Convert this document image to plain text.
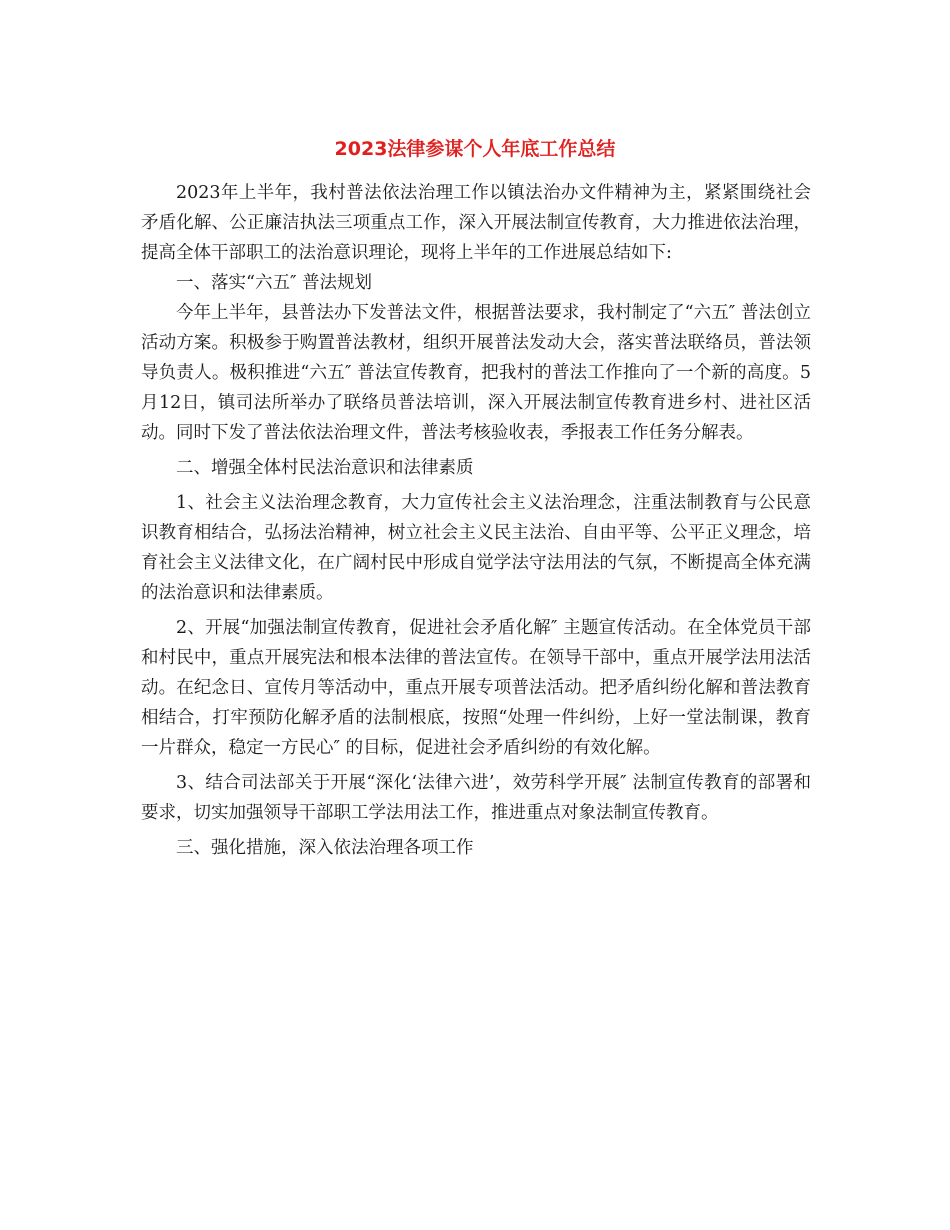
2023法律参谋个人年底工作总结

2023年上半年，我村普法依法治理工作以镇法治办文件精神为主，紧紧围绕社会矛盾化解、公正廉洁执法三项重点工作，深入开展法制宣传教育，大力推进依法治理，提高全体干部职工的法治意识理论，现将上半年的工作进展总结如下:

一、落实“六五″ 普法规划

今年上半年，县普法办下发普法文件，根据普法要求，我村制定了“六五″ 普法创立活动方案。积极参于购置普法教材，组织开展普法发动大会，落实普法联络员，普法领导负责人。极积推进“六五″ 普法宣传教育，把我村的普法工作推向了一个新的高度。5月12日，镇司法所举办了联络员普法培训，深入开展法制宣传教育进乡村、进社区活动。同时下发了普法依法治理文件，普法考核验收表，季报表工作任务分解表。

二、增强全体村民法治意识和法律素质

1、社会主义法治理念教育，大力宣传社会主义法治理念，注重法制教育与公民意识教育相结合，弘扬法治精神，树立社会主义民主法治、自由平等、公平正义理念，培育社会主义法律文化，在广阔村民中形成自觉学法守法用法的气氛，不断提高全体充满的法治意识和法律素质。

2、开展“加强法制宣传教育，促进社会矛盾化解″ 主题宣传活动。在全体党员干部和村民中，重点开展宪法和根本法律的普法宣传。在领导干部中，重点开展学法用法活动。在纪念日、宣传月等活动中，重点开展专项普法活动。把矛盾纠纷化解和普法教育相结合，打牢预防化解矛盾的法制根底，按照“处理一件纠纷，上好一堂法制课，教育一片群众，稳定一方民心″ 的目标，促进社会矛盾纠纷的有效化解。

3、结合司法部关于开展“深化‘法律六进’，效劳科学开展″ 法制宣传教育的部署和要求，切实加强领导干部职工学法用法工作，推进重点对象法制宣传教育。

三、强化措施，深入依法治理各项工作
